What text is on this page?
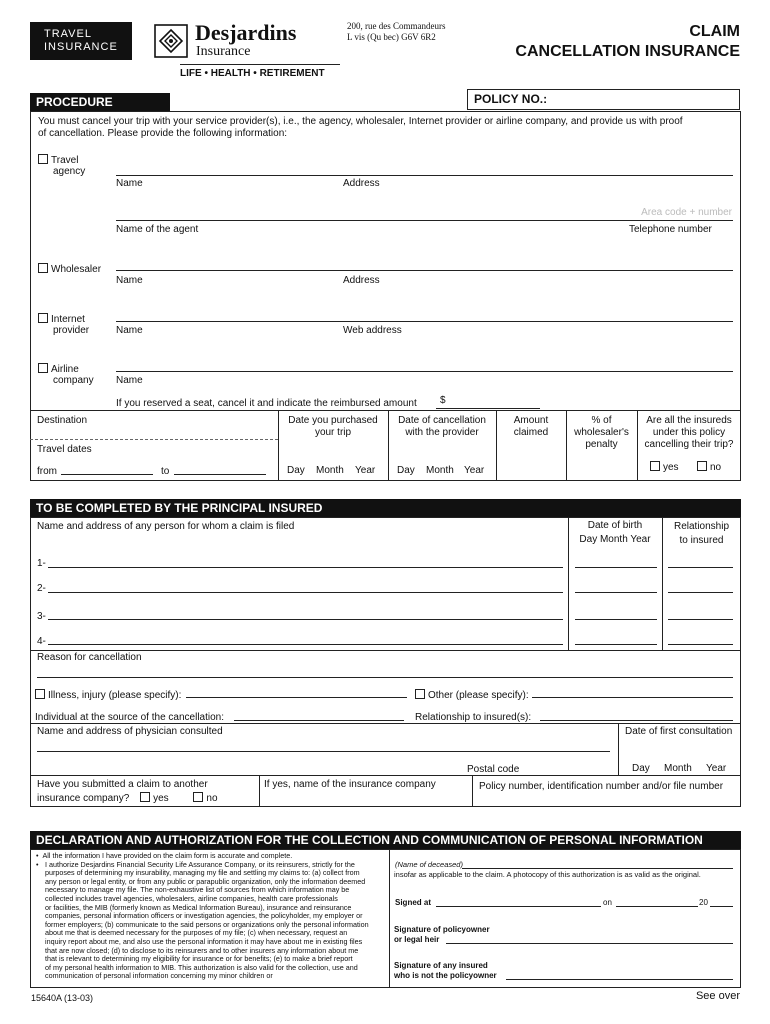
TRAVEL
INSURANCE
Desjardins
Insurance
LIFE • HEALTH • RETIREMENT
200, rue des Commandeurs
L vis (Qu bec) G6V 6R2	CLAIM
CANCELLATION INSURANCE
PROCEDURE	POLICY NO.:
You must cancel your trip with your service provider(s), i.e., the agency, wholesaler, Internet provider or airline company, and provide us with proof
of cancellation. Please provide the following information:
Travel
agency
Name	Address
Area code + number
Name of the agent	Telephone number
Wholesaler
Name	Address
Internet
provider	Name	Web address
Airline
company Name
If you reserved a seat, cancel it and indicate the reimbursed amount $
Destination
Travel dates
from	to
Date you purchased
your trip
Day Month Year
Date of cancellation
with the provider
Day Month Year
Amount
claimed
% of
wholesaler's
penalty
Are all the insureds
under this policy
cancelling their trip?
yes	no
TO BE COMPLETED BY THE PRINCIPAL INSURED
Name and address of any person for whom a claim is filed	Date of birth
Day Month Year
Relationship
to insured
1-
2-
3-
4-
Reason for cancellation
Illness, injury (please specify):	Other (please specify):
Individual at the source of the cancellation:	Relationship to insured(s):
Name and address of physician consulted	Date of first consultation
Postal code	Day Month Year
Have you submitted a claim to another
insurance company? yes	no
If yes, name of the insurance company	Policy number, identification number and/or file number
DECLARATION AND AUTHORIZATION FOR THE COLLECTION AND COMMUNICATION OF PERSONAL INFORMATION
•  All the information I have provided on the claim form is accurate and complete.
• I authorize Desjardins Financial Security Life Assurance Company, or its reinsurers, strictly for the
purposes of determining my insurability, managing my file and settling my claims to: (a) collect from
any person or legal entity, or from any public or parapublic organization, only the information deemed
necessary to manage my file. The non-exhaustive list of sources from which information may be
collected includes travel agencies, wholesalers, airline companies, health care professionals
or facilities, the MIB (formerly known as Medical Information Bureau), insurance and reinsurance
companies, personal information officers or investigation agencies, the policyholder, my employer or
former employers; (b) communicate to the said persons or organizations only the personal information
about me that is deemed necessary for the purposes of my file; (c) when necessary, request an
inquiry report about me, and also use the personal information it may have about me in existing files
that are now closed; (d) to disclose to its reinsurers and to other insurers any information about me
that is relevant to determining my eligibility for insurance or for benefits; (e) to make a brief report
of my personal health information to MIB. This authorization is also valid for the collection, use and
communication of personal information concerning my minor children or
(Name of deceased)
insofar as applicable to the claim. A photocopy of this authorization is as valid as the original.
Signed at	on	20
Signature of policyowner
or legal heir
Signature of any insured
who is not the policyowner
15640A (13-03)	See over
